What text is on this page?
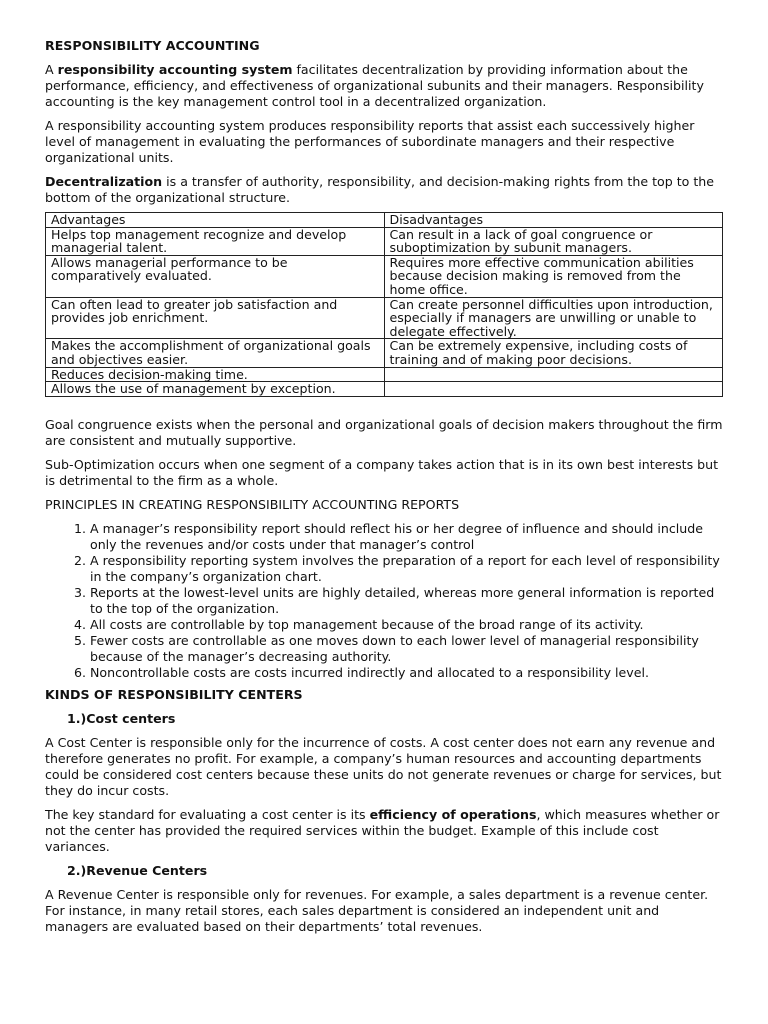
RESPONSIBILITY ACCOUNTING

A responsibility accounting system facilitates decentralization by providing information about the performance, efficiency, and effectiveness of organizational subunits and their managers. Responsibility accounting is the key management control tool in a decentralized organization.

A responsibility accounting system produces responsibility reports that assist each successively higher level of management in evaluating the performances of subordinate managers and their respective organizational units.

Decentralization is a transfer of authority, responsibility, and decision-making rights from the top to the bottom of the organizational structure.

Advantages	Disadvantages
Helps top management recognize and develop managerial talent.	Can result in a lack of goal congruence or suboptimization by subunit managers.
Allows managerial performance to be comparatively evaluated.	Requires more effective communication abilities because decision making is removed from the home office.
Can often lead to greater job satisfaction and provides job enrichment.	Can create personnel difficulties upon introduction, especially if managers are unwilling or unable to delegate effectively.
Makes the accomplishment of organizational goals and objectives easier.	Can be extremely expensive, including costs of training and of making poor decisions.
Reduces decision-making time.	
Allows the use of management by exception.	

Goal congruence exists when the personal and organizational goals of decision makers throughout the firm are consistent and mutually supportive.

Sub-Optimization occurs when one segment of a company takes action that is in its own best interests but is detrimental to the firm as a whole.

PRINCIPLES IN CREATING RESPONSIBILITY ACCOUNTING REPORTS

1. A manager’s responsibility report should reflect his or her degree of influence and should include only the revenues and/or costs under that manager’s control
2. A responsibility reporting system involves the preparation of a report for each level of responsibility in the company’s organization chart.
3. Reports at the lowest-level units are highly detailed, whereas more general information is reported to the top of the organization.
4. All costs are controllable by top management because of the broad range of its activity.
5. Fewer costs are controllable as one moves down to each lower level of managerial responsibility because of the manager’s decreasing authority.
6. Noncontrollable costs are costs incurred indirectly and allocated to a responsibility level.
KINDS OF RESPONSIBILITY CENTERS
1.)Cost centers

A Cost Center is responsible only for the incurrence of costs. A cost center does not earn any revenue and therefore generates no profit. For example, a company’s human resources and accounting departments could be considered cost centers because these units do not generate revenues or charge for services, but they do incur costs.

The key standard for evaluating a cost center is its efficiency of operations, which measures whether or not the center has provided the required services within the budget. Example of this include cost variances.

2.)Revenue Centers

A Revenue Center is responsible only for revenues. For example, a sales department is a revenue center. For instance, in many retail stores, each sales department is considered an independent unit and managers are evaluated based on their departments’ total revenues.
